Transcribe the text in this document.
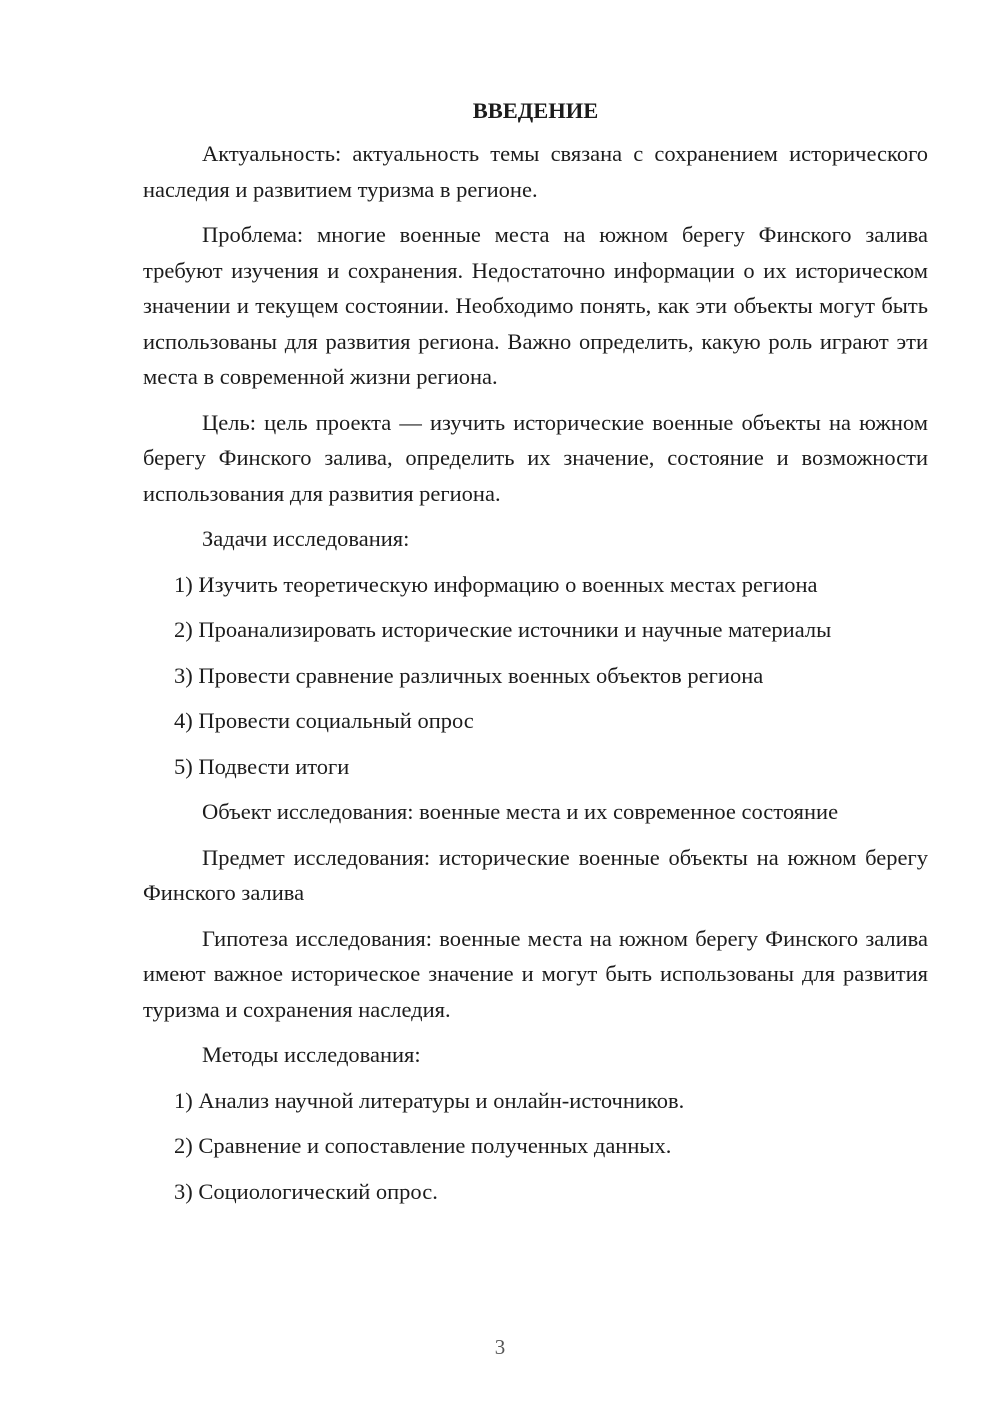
ВВЕДЕНИЕ

Актуальность: актуальность темы связана с сохранением исторического наследия и развитием туризма в регионе.

Проблема: многие военные места на южном берегу Финского залива требуют изучения и сохранения. Недостаточно информации о их историческом значении и текущем состоянии. Необходимо понять, как эти объекты могут быть использованы для развития региона. Важно определить, какую роль играют эти места в современной жизни региона.

Цель: цель проекта — изучить исторические военные объекты на южном берегу Финского залива, определить их значение, состояние и возможности использования для развития региона.

Задачи исследования:

1) Изучить теоретическую информацию о военных местах региона

2) Проанализировать исторические источники и научные материалы

3) Провести сравнение различных военных объектов региона

4) Провести социальный опрос

5) Подвести итоги

Объект исследования: военные места и их современное состояние

Предмет исследования: исторические военные объекты на южном берегу Финского залива

Гипотеза исследования: военные места на южном берегу Финского залива имеют важное историческое значение и могут быть использованы для развития туризма и сохранения наследия.

Методы исследования:

1) Анализ научной литературы и онлайн-источников.

2) Сравнение и сопоставление полученных данных.

3) Социологический опрос.

3
